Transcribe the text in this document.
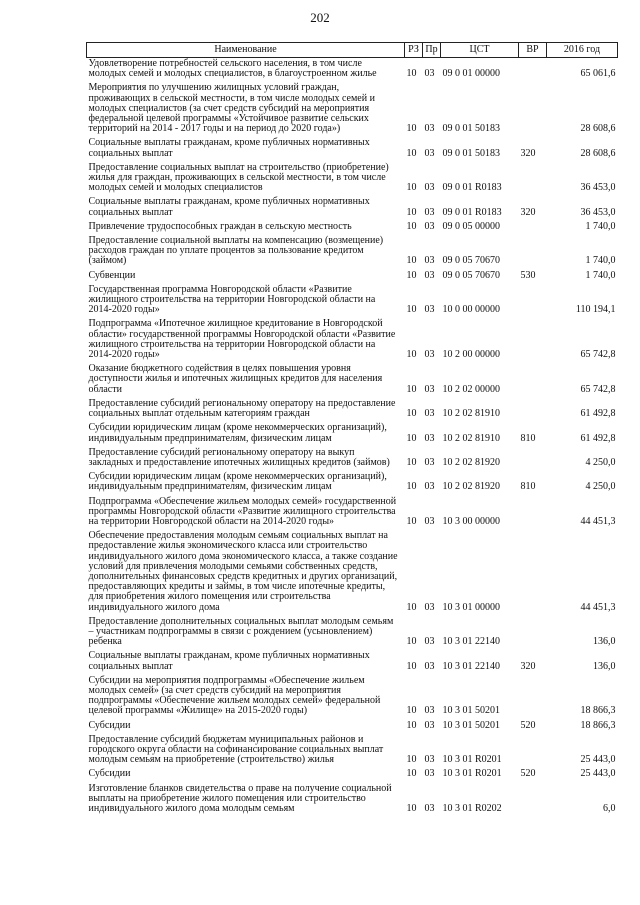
202
Наименование	РЗ	Пр	ЦСТ	ВР	2016 год
Удовлетворение потребностей сельского населения, в том числе молодых семей и молодых специалистов, в благоустроенном жилье	10	03	09 0 01 00000		65 061,6
Мероприятия по улучшению жилищных условий граждан, проживающих в сельской местности, в том числе молодых семей и молодых специалистов (за счет средств субсидий на мероприятия федеральной целевой программы «Устойчивое развитие сельских территорий на 2014 - 2017 годы и на период до 2020 года»)	10	03	09 0 01 50183		28 608,6
Социальные выплаты гражданам, кроме публичных нормативных социальных выплат	10	03	09 0 01 50183	320	28 608,6
Предоставление социальных выплат на строительство (приобретение) жилья для граждан, проживающих в сельской местности, в том числе молодых семей и молодых специалистов	10	03	09 0 01 R0183		36 453,0
Социальные выплаты гражданам, кроме публичных нормативных социальных выплат	10	03	09 0 01 R0183	320	36 453,0
Привлечение трудоспособных граждан в сельскую местность	10	03	09 0 05 00000		1 740,0
Предоставление социальной выплаты на компенсацию (возмещение) расходов граждан по уплате процентов за пользование кредитом (займом)	10	03	09 0 05 70670		1 740,0
Субвенции	10	03	09 0 05 70670	530	1 740,0
Государственная программа Новгородской области «Развитие жилищного строительства на территории Новгородской области на 2014-2020 годы»	10	03	10 0 00 00000		110 194,1
Подпрограмма «Ипотечное жилищное кредитование в Новгородской области» государственной программы Новгородской области «Развитие жилищного строительства на территории Новгородской области на 2014-2020 годы»	10	03	10 2 00 00000		65 742,8
Оказание бюджетного содействия в целях повышения уровня доступности жилья и ипотечных жилищных кредитов для населения области	10	03	10 2 02 00000		65 742,8
Предоставление субсидий региональному оператору на предоставление социальных выплат отдельным категориям граждан	10	03	10 2 02 81910		61 492,8
Субсидии юридическим лицам (кроме некоммерческих организаций), индивидуальным предпринимателям, физическим лицам	10	03	10 2 02 81910	810	61 492,8
Предоставление субсидий региональному оператору на выкуп закладных и предоставление ипотечных жилищных кредитов (займов)	10	03	10 2 02 81920		4 250,0
Субсидии юридическим лицам (кроме некоммерческих организаций), индивидуальным предпринимателям, физическим лицам	10	03	10 2 02 81920	810	4 250,0
Подпрограмма «Обеспечение жильем молодых семей» государственной программы Новгородской области «Развитие жилищного строительства на территории Новгородской области на 2014-2020 годы»	10	03	10 3 00 00000		44 451,3
Обеспечение предоставления молодым семьям социальных выплат на предоставление жилья экономического класса или строительство индивидуального жилого дома экономического класса, а также создание условий для привлечения молодыми семьями собственных средств, дополнительных финансовых средств кредитных и других организаций, предоставляющих кредиты и займы, в том числе ипотечные кредиты, для приобретения жилого помещения или строительства индивидуального жилого дома	10	03	10 3 01 00000		44 451,3
Предоставление дополнительных социальных выплат молодым семьям – участникам подпрограммы в связи с рождением (усыновлением) ребенка	10	03	10 3 01 22140		136,0
Социальные выплаты гражданам, кроме публичных нормативных социальных выплат	10	03	10 3 01 22140	320	136,0
Субсидии на мероприятия подпрограммы «Обеспечение жильем молодых семей» (за счет средств субсидий на мероприятия подпрограммы «Обеспечение жильем молодых семей» федеральной целевой программы «Жилище» на 2015-2020 годы)	10	03	10 3 01 50201		18 866,3
Субсидии	10	03	10 3 01 50201	520	18 866,3
Предоставление субсидий бюджетам муниципальных районов и городского округа области на софинансирование социальных выплат молодым семьям на приобретение (строительство) жилья	10	03	10 3 01 R0201		25 443,0
Субсидии	10	03	10 3 01 R0201	520	25 443,0
Изготовление бланков свидетельства о праве на получение социальной выплаты на приобретение жилого помещения или строительство индивидуального жилого дома молодым семьям	10	03	10 3 01 R0202		6,0
